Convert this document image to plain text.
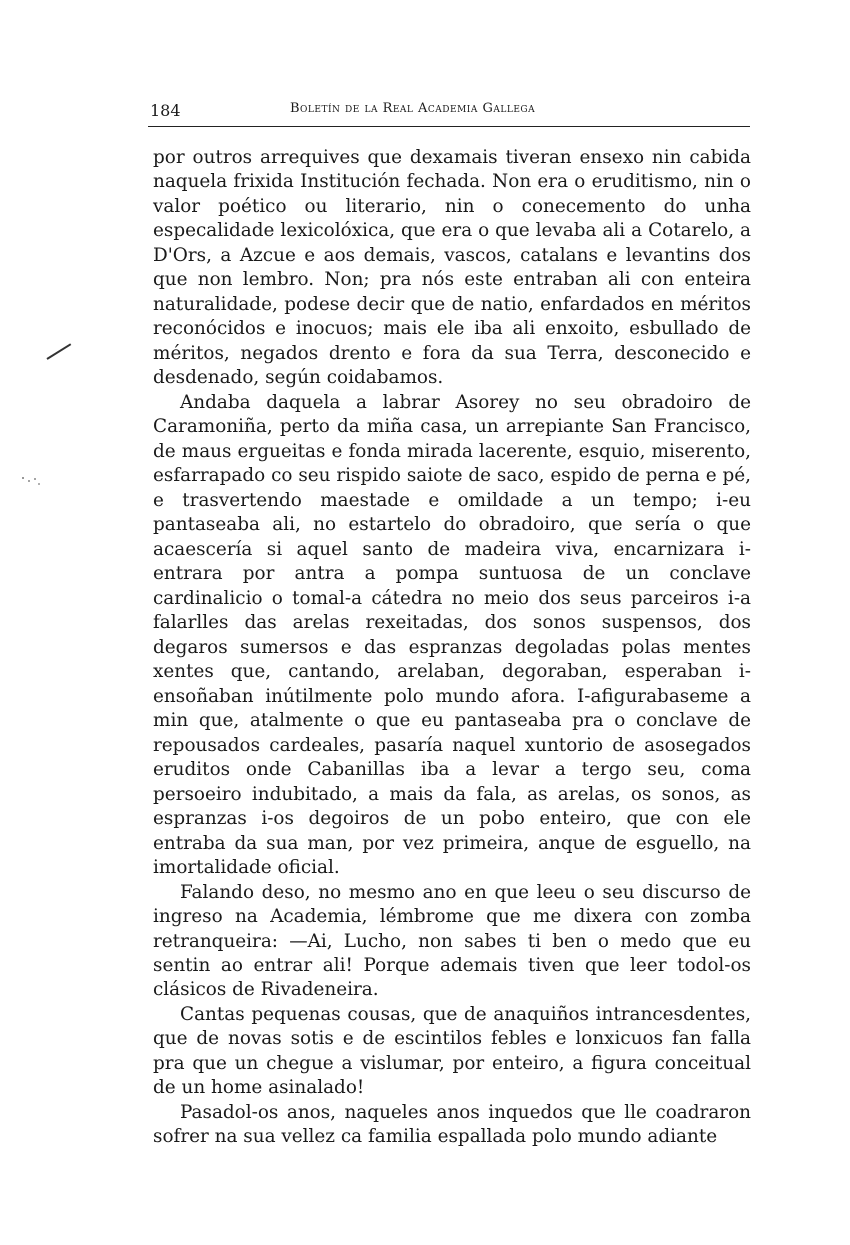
184	Boletín de la Real Academia Gallega

por outros arrequives que dexamais tiveran ensexo nin cabida naquela frixida Institución fechada. Non era o eruditismo, nin o valor poético ou literario, nin o conecemento do unha especalidade lexicolóxica, que era o que levaba ali a Cotarelo, a D'Ors, a Azcue e aos demais, vascos, catalans e levantins dos que non lembro. Non; pra nós este entraban ali con enteira naturalidade, podese decir que de natio, enfardados en méritos reconócidos e inocuos; mais ele iba ali enxoito, esbullado de méritos, negados drento e fora da sua Terra, desconecido e desdenado, según coidabamos.

Andaba daquela a labrar Asorey no seu obradoiro de Caramoniña, perto da miña casa, un arrepiante San Francisco, de maus ergueitas e fonda mirada lacerente, esquio, miserento, esfarrapado co seu rispido saiote de saco, espido de perna e pé, e trasvertendo maestade e omildade a un tempo; i-eu pantaseaba ali, no estartelo do obradoiro, que sería o que acaescería si aquel santo de madeira viva, encarnizara i-entrara por antra a pompa suntuosa de un conclave cardinalicio o tomal-a cátedra no meio dos seus parceiros i-a falarlles das arelas rexeitadas, dos sonos suspensos, dos degaros sumersos e das espranzas degoladas polas mentes xentes que, cantando, arelaban, degoraban, esperaban i-ensoñaban inútilmente polo mundo afora. I-afigurabaseme a min que, atalmente o que eu pantaseaba pra o conclave de repousados cardeales, pasaría naquel xuntorio de asosegados eruditos onde Cabanillas iba a levar a tergo seu, coma persoeiro indubitado, a mais da fala, as arelas, os sonos, as espranzas i-os degoiros de un pobo enteiro, que con ele entraba da sua man, por vez primeira, anque de esguello, na imortalidade oficial.

Falando deso, no mesmo ano en que leeu o seu discurso de ingreso na Academia, lémbrome que me dixera con zomba retranqueira: —Ai, Lucho, non sabes ti ben o medo que eu sentin ao entrar ali! Porque ademais tiven que leer todol-os clásicos de Rivadeneira.

Cantas pequenas cousas, que de anaquiños intrancesdentes, que de novas sotis e de escintilos febles e lonxicuos fan falla pra que un chegue a vislumar, por enteiro, a figura conceitual de un home asinalado!

Pasadol-os anos, naqueles anos inquedos que lle coadraron sofrer na sua vellez ca familia espallada polo mundo adiante
